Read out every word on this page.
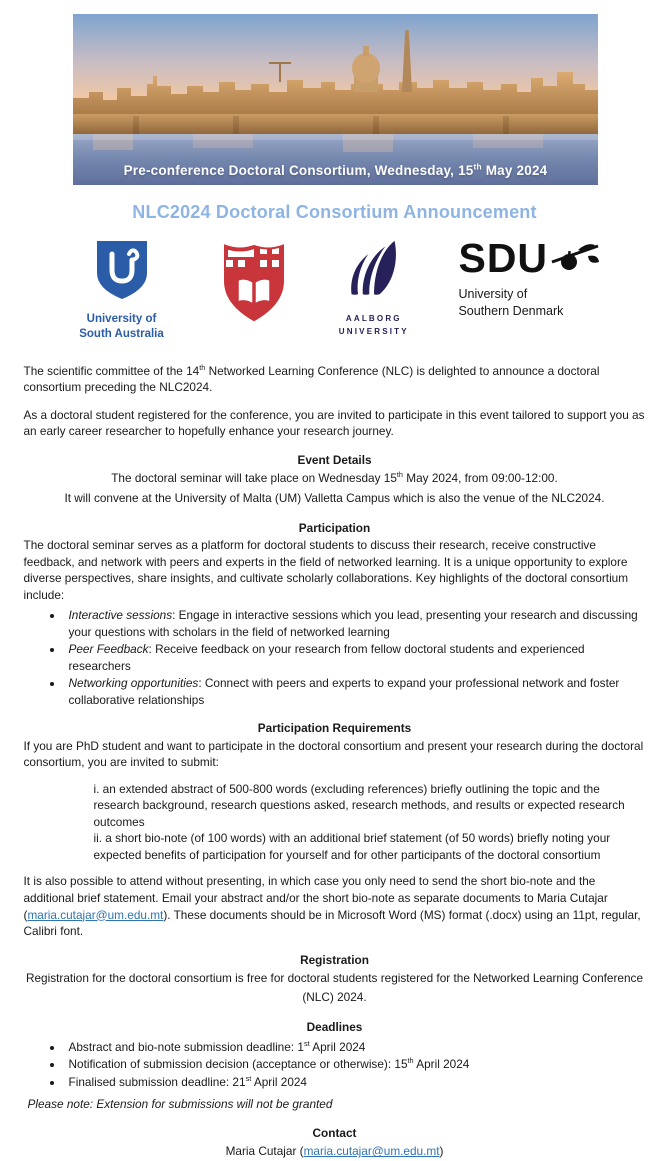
Pre-conference Doctoral Consortium, Wednesday, 15th May 2024
NLC2024 Doctoral Consortium Announcement
University of
South Australia
AALBORG
UNIVERSITY
SDU
University of
Southern Denmark

The scientific committee of the 14th Networked Learning Conference (NLC) is delighted to announce a doctoral consortium preceding the NLC2024.

As a doctoral student registered for the conference, you are invited to participate in this event tailored to support you as an early career researcher to hopefully enhance your research journey.

Event Details
The doctoral seminar will take place on Wednesday 15th May 2024, from 09:00-12:00.
It will convene at the University of Malta (UM) Valletta Campus which is also the venue of the NLC2024.
Participation

The doctoral seminar serves as a platform for doctoral students to discuss their research, receive constructive feedback, and network with peers and experts in the field of networked learning. It is a unique opportunity to explore diverse perspectives, share insights, and cultivate scholarly collaborations. Key highlights of the doctoral consortium include:

• Interactive sessions: Engage in interactive sessions which you lead, presenting your research and discussing your questions with scholars in the field of networked learning
• Peer Feedback: Receive feedback on your research from fellow doctoral students and experienced researchers
• Networking opportunities: Connect with peers and experts to expand your professional network and foster collaborative relationships
Participation Requirements

If you are PhD student and want to participate in the doctoral consortium and present your research during the doctoral consortium, you are invited to submit:

i. an extended abstract of 500-800 words (excluding references) briefly outlining the topic and the research background, research questions asked, research methods, and results or expected research outcomes
ii. a short bio-note (of 100 words) with an additional brief statement (of 50 words) briefly noting your expected benefits of participation for yourself and for other participants of the doctoral consortium

It is also possible to attend without presenting, in which case you only need to send the short bio-note and the additional brief statement. Email your abstract and/or the short bio-note as separate documents to Maria Cutajar (maria.cutajar@um.edu.mt). These documents should be in Microsoft Word (MS) format (.docx) using an 11pt, regular, Calibri font.

Registration
Registration for the doctoral consortium is free for doctoral students registered for the Networked Learning Conference (NLC) 2024.
Deadlines
• Abstract and bio-note submission deadline: 1st April 2024
• Notification of submission decision (acceptance or otherwise): 15th April 2024
• Finalised submission deadline: 21st April 2024
Please note: Extension for submissions will not be granted
Contact
Maria Cutajar (maria.cutajar@um.edu.mt)
